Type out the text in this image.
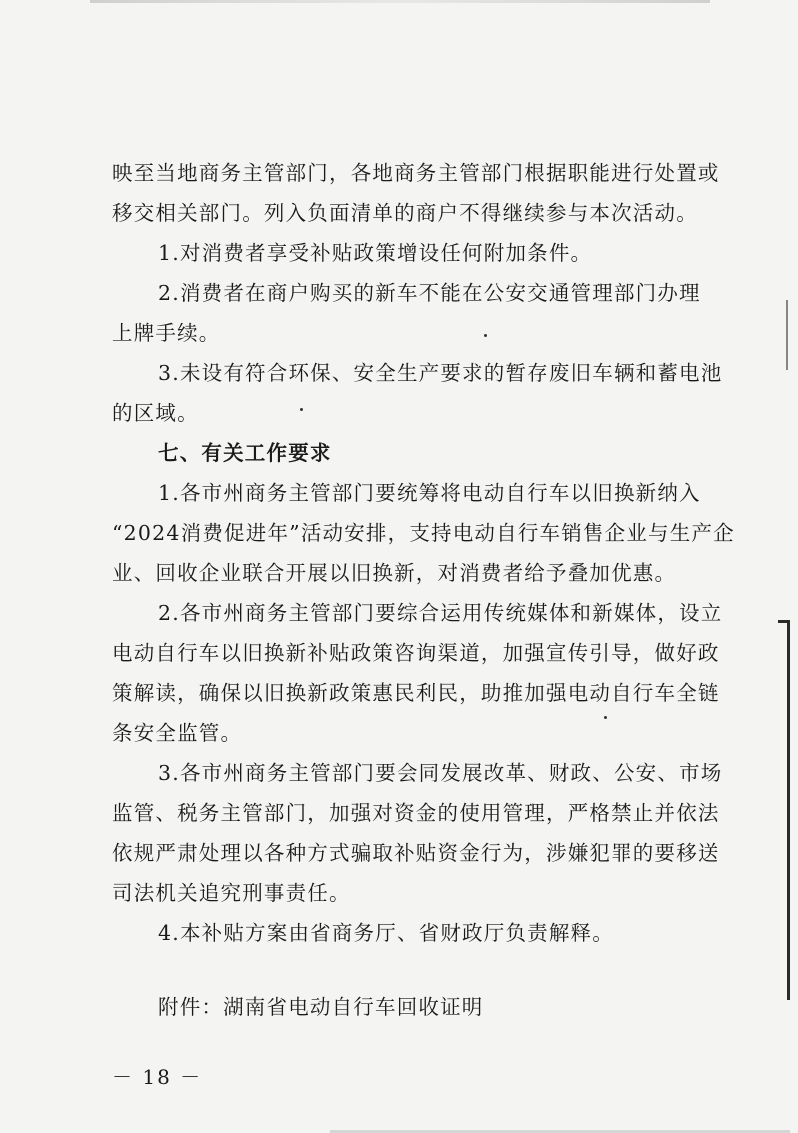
映至当地商务主管部门，各地商务主管部门根据职能进行处置或

移交相关部门。列入负面清单的商户不得继续参与本次活动。

1.对消费者享受补贴政策增设任何附加条件。

2.消费者在商户购买的新车不能在公安交通管理部门办理

上牌手续。

3.未设有符合环保、安全生产要求的暂存废旧车辆和蓄电池

的区域。

七、有关工作要求

1.各市州商务主管部门要统筹将电动自行车以旧换新纳入

“2024消费促进年”活动安排，支持电动自行车销售企业与生产企

业、回收企业联合开展以旧换新，对消费者给予叠加优惠。

2.各市州商务主管部门要综合运用传统媒体和新媒体，设立

电动自行车以旧换新补贴政策咨询渠道，加强宣传引导，做好政

策解读，确保以旧换新政策惠民利民，助推加强电动自行车全链

条安全监管。

3.各市州商务主管部门要会同发展改革、财政、公安、市场

监管、税务主管部门，加强对资金的使用管理，严格禁止并依法

依规严肃处理以各种方式骗取补贴资金行为，涉嫌犯罪的要移送

司法机关追究刑事责任。

4.本补贴方案由省商务厅、省财政厅负责解释。

附件：湖南省电动自行车回收证明

－ 18 －
